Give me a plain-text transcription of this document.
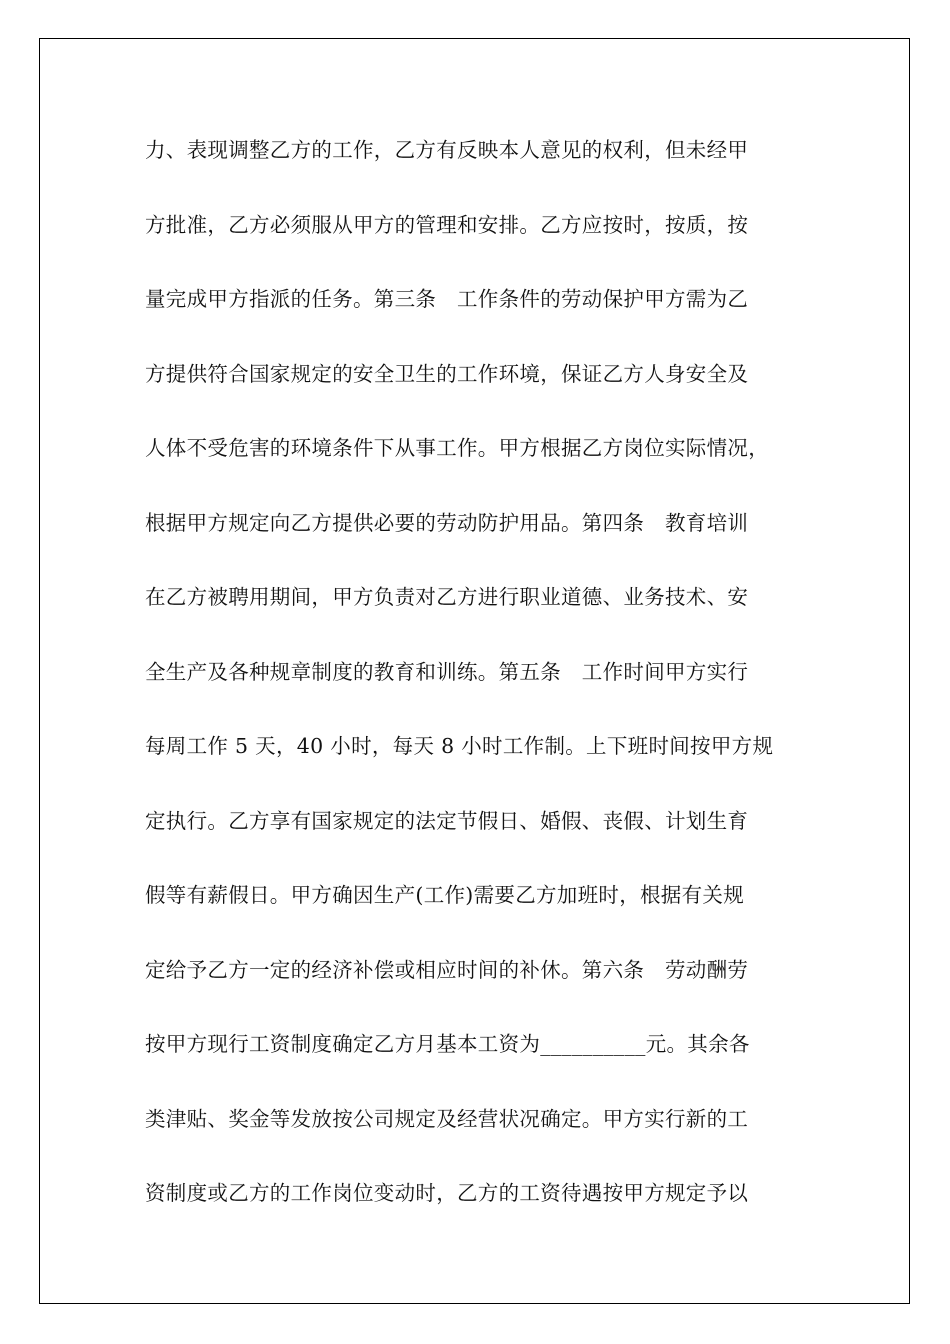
力、表现调整乙方的工作，乙方有反映本人意见的权利，但未经甲
方批准，乙方必须服从甲方的管理和安排。乙方应按时，按质，按
量完成甲方指派的任务。第三条　工作条件的劳动保护甲方需为乙
方提供符合国家规定的安全卫生的工作环境，保证乙方人身安全及
人体不受危害的环境条件下从事工作。甲方根据乙方岗位实际情况，
根据甲方规定向乙方提供必要的劳动防护用品。第四条　教育培训
在乙方被聘用期间，甲方负责对乙方进行职业道德、业务技术、安
全生产及各种规章制度的教育和训练。第五条　工作时间甲方实行
每周工作 5 天，40 小时，每天 8 小时工作制。上下班时间按甲方规
定执行。乙方享有国家规定的法定节假日、婚假、丧假、计划生育
假等有薪假日。甲方确因生产(工作)需要乙方加班时，根据有关规
定给予乙方一定的经济补偿或相应时间的补休。第六条　劳动酬劳
按甲方现行工资制度确定乙方月基本工资为__________元。其余各
类津贴、奖金等发放按公司规定及经营状况确定。甲方实行新的工
资制度或乙方的工作岗位变动时，乙方的工资待遇按甲方规定予以
